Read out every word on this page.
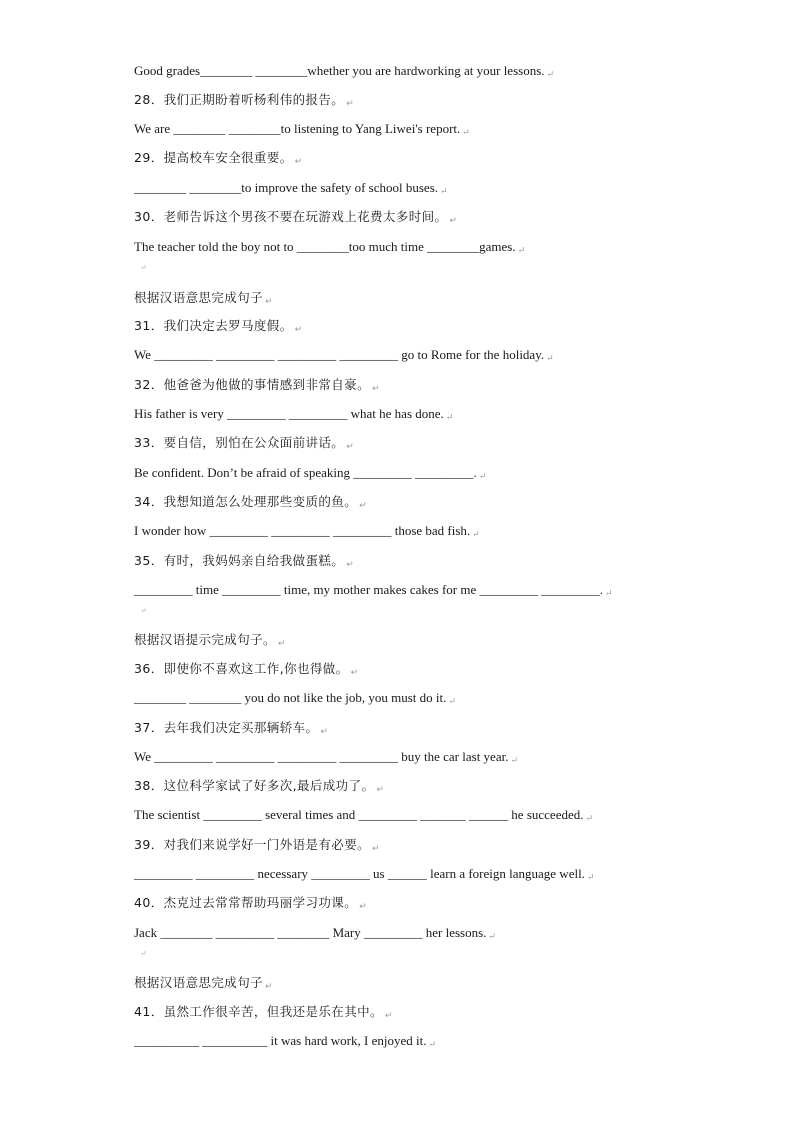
Good grades________ ________whether you are hardworking at your lessons. ↵
28．我们正期盼着听杨利伟的报告。 ↵
We are ________ ________to listening to Yang Liwei's report. ↵
29．提高校车安全很重要。 ↵
________ ________to improve the safety of school buses. ↵
30．老师告诉这个男孩不要在玩游戏上花费太多时间。 ↵
The teacher told the boy not to ________too much time ________games. ↵
↵
根据汉语意思完成句子 ↵
31．我们决定去罗马度假。 ↵
We _________ _________ _________ _________ go to Rome for the holiday. ↵
32．他爸爸为他做的事情感到非常自豪。 ↵
His father is very _________ _________ what he has done. ↵
33．要自信，别怕在公众面前讲话。 ↵
Be confident. Don’t be afraid of speaking _________ _________. ↵
34．我想知道怎么处理那些变质的鱼。 ↵
I wonder how _________ _________ _________ those bad fish. ↵
35．有时，我妈妈亲自给我做蛋糕。 ↵
_________ time _________ time, my mother makes cakes for me _________ _________. ↵
↵
根据汉语提示完成句子。 ↵
36．即使你不喜欢这工作,你也得做。 ↵
________ ________ you do not like the job, you must do it. ↵
37．去年我们决定买那辆轿车。 ↵
We _________ _________ _________ _________ buy the car last year. ↵
38．这位科学家试了好多次,最后成功了。 ↵
The scientist _________ several times and _________ _______ ______ he succeeded. ↵
39．对我们来说学好一门外语是有必要。 ↵
_________ _________ necessary _________ us ______ learn a foreign language well. ↵
40．杰克过去常常帮助玛丽学习功课。 ↵
Jack ________ _________ ________ Mary _________ her lessons. ↵
↵
根据汉语意思完成句子 ↵
41．虽然工作很辛苦，但我还是乐在其中。 ↵
__________ __________ it was hard work, I enjoyed it. ↵
